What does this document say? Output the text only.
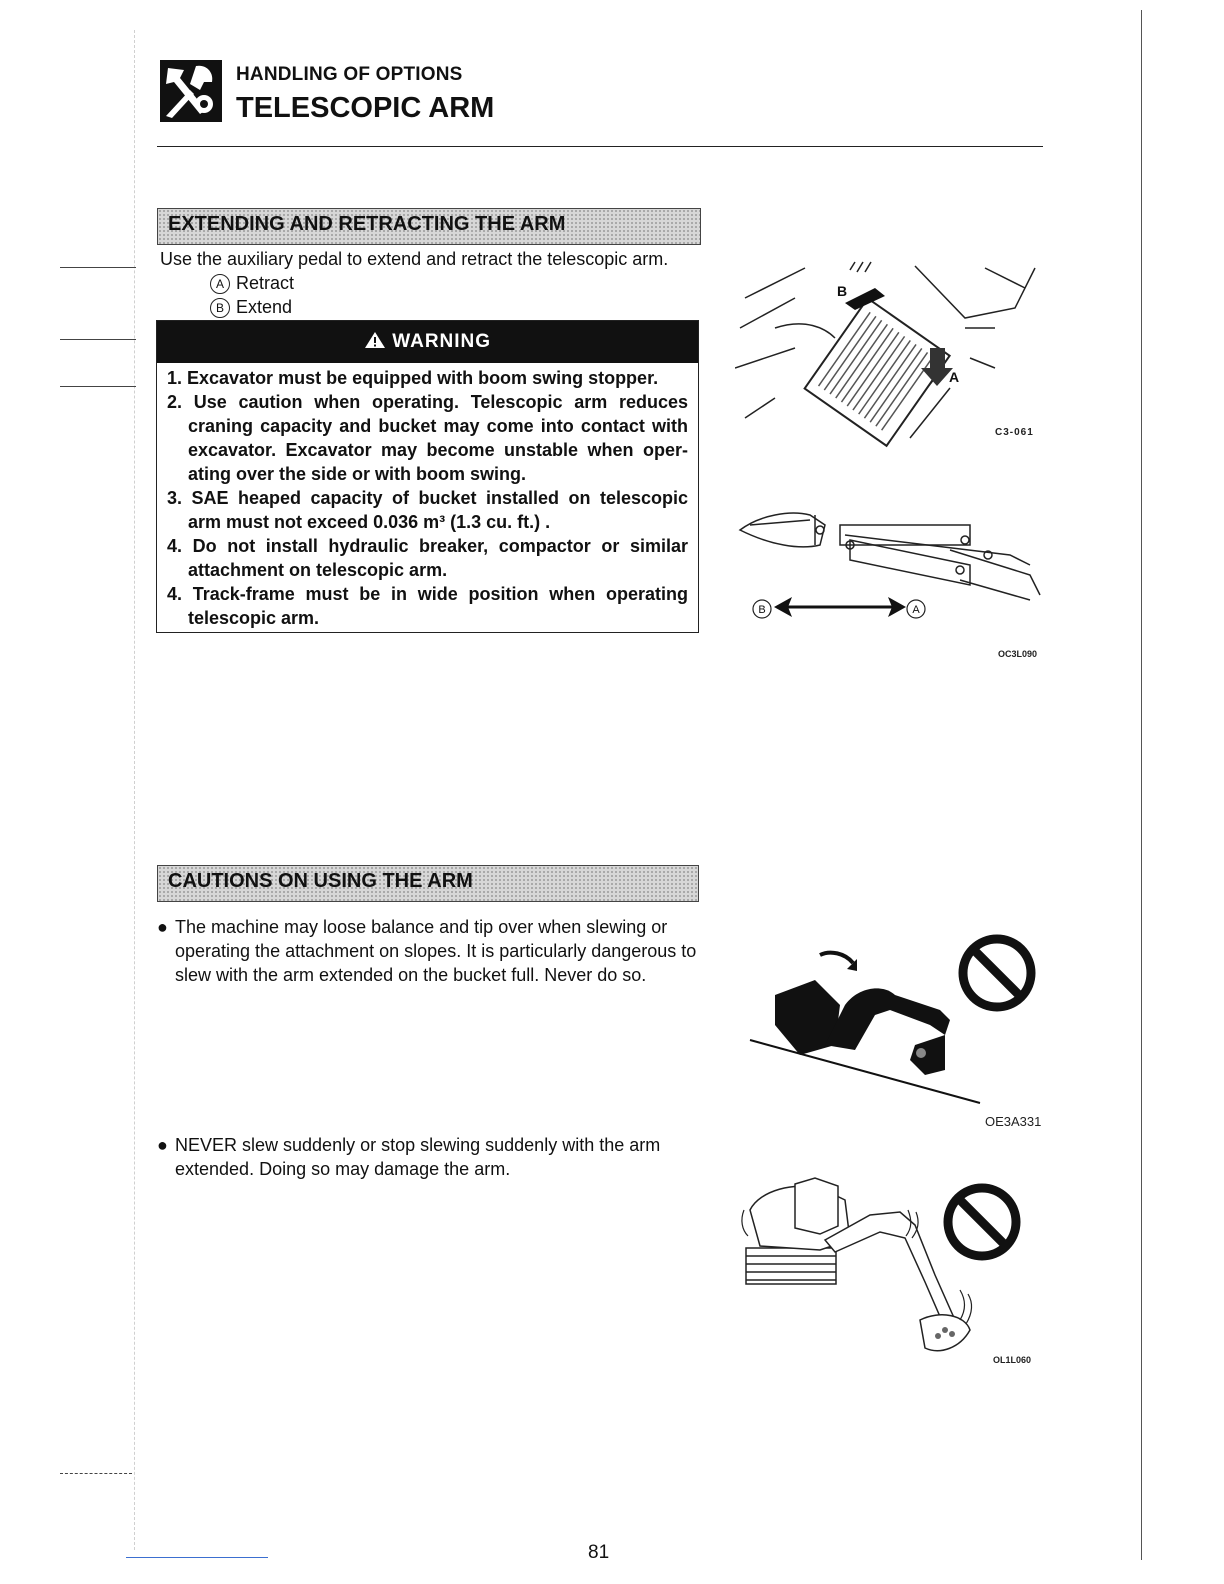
HANDLING OF OPTIONS
TELESCOPIC ARM
EXTENDING AND RETRACTING THE ARM
Use the auxiliary pedal to extend and retract the telescopic arm.
A Retract
B Extend
WARNING
1. Excavator must be equipped with boom swing stopper.
2. Use caution when operating. Telescopic arm reduces craning capacity and bucket may come into contact with excavator. Excavator may become unstable when oper-ating over the side or with boom swing.
3. SAE heaped capacity of bucket installed on telescopic arm must not exceed 0.036 m³ (1.3 cu. ft.) .
4. Do not install hydraulic breaker, compactor or similar attachment on telescopic arm.
4. Track-frame must be in wide position when operating telescopic arm.
B
A
C3-061
B	A
OC3L090
CAUTIONS ON USING THE ARM
● The machine may loose balance and tip over when slewing or operating the attachment on slopes. It is particularly dangerous to slew with the arm extended on the bucket full. Never do so.
● NEVER slew suddenly or stop slewing suddenly with the arm extended. Doing so may damage the arm.
OE3A331
OL1L060
81
